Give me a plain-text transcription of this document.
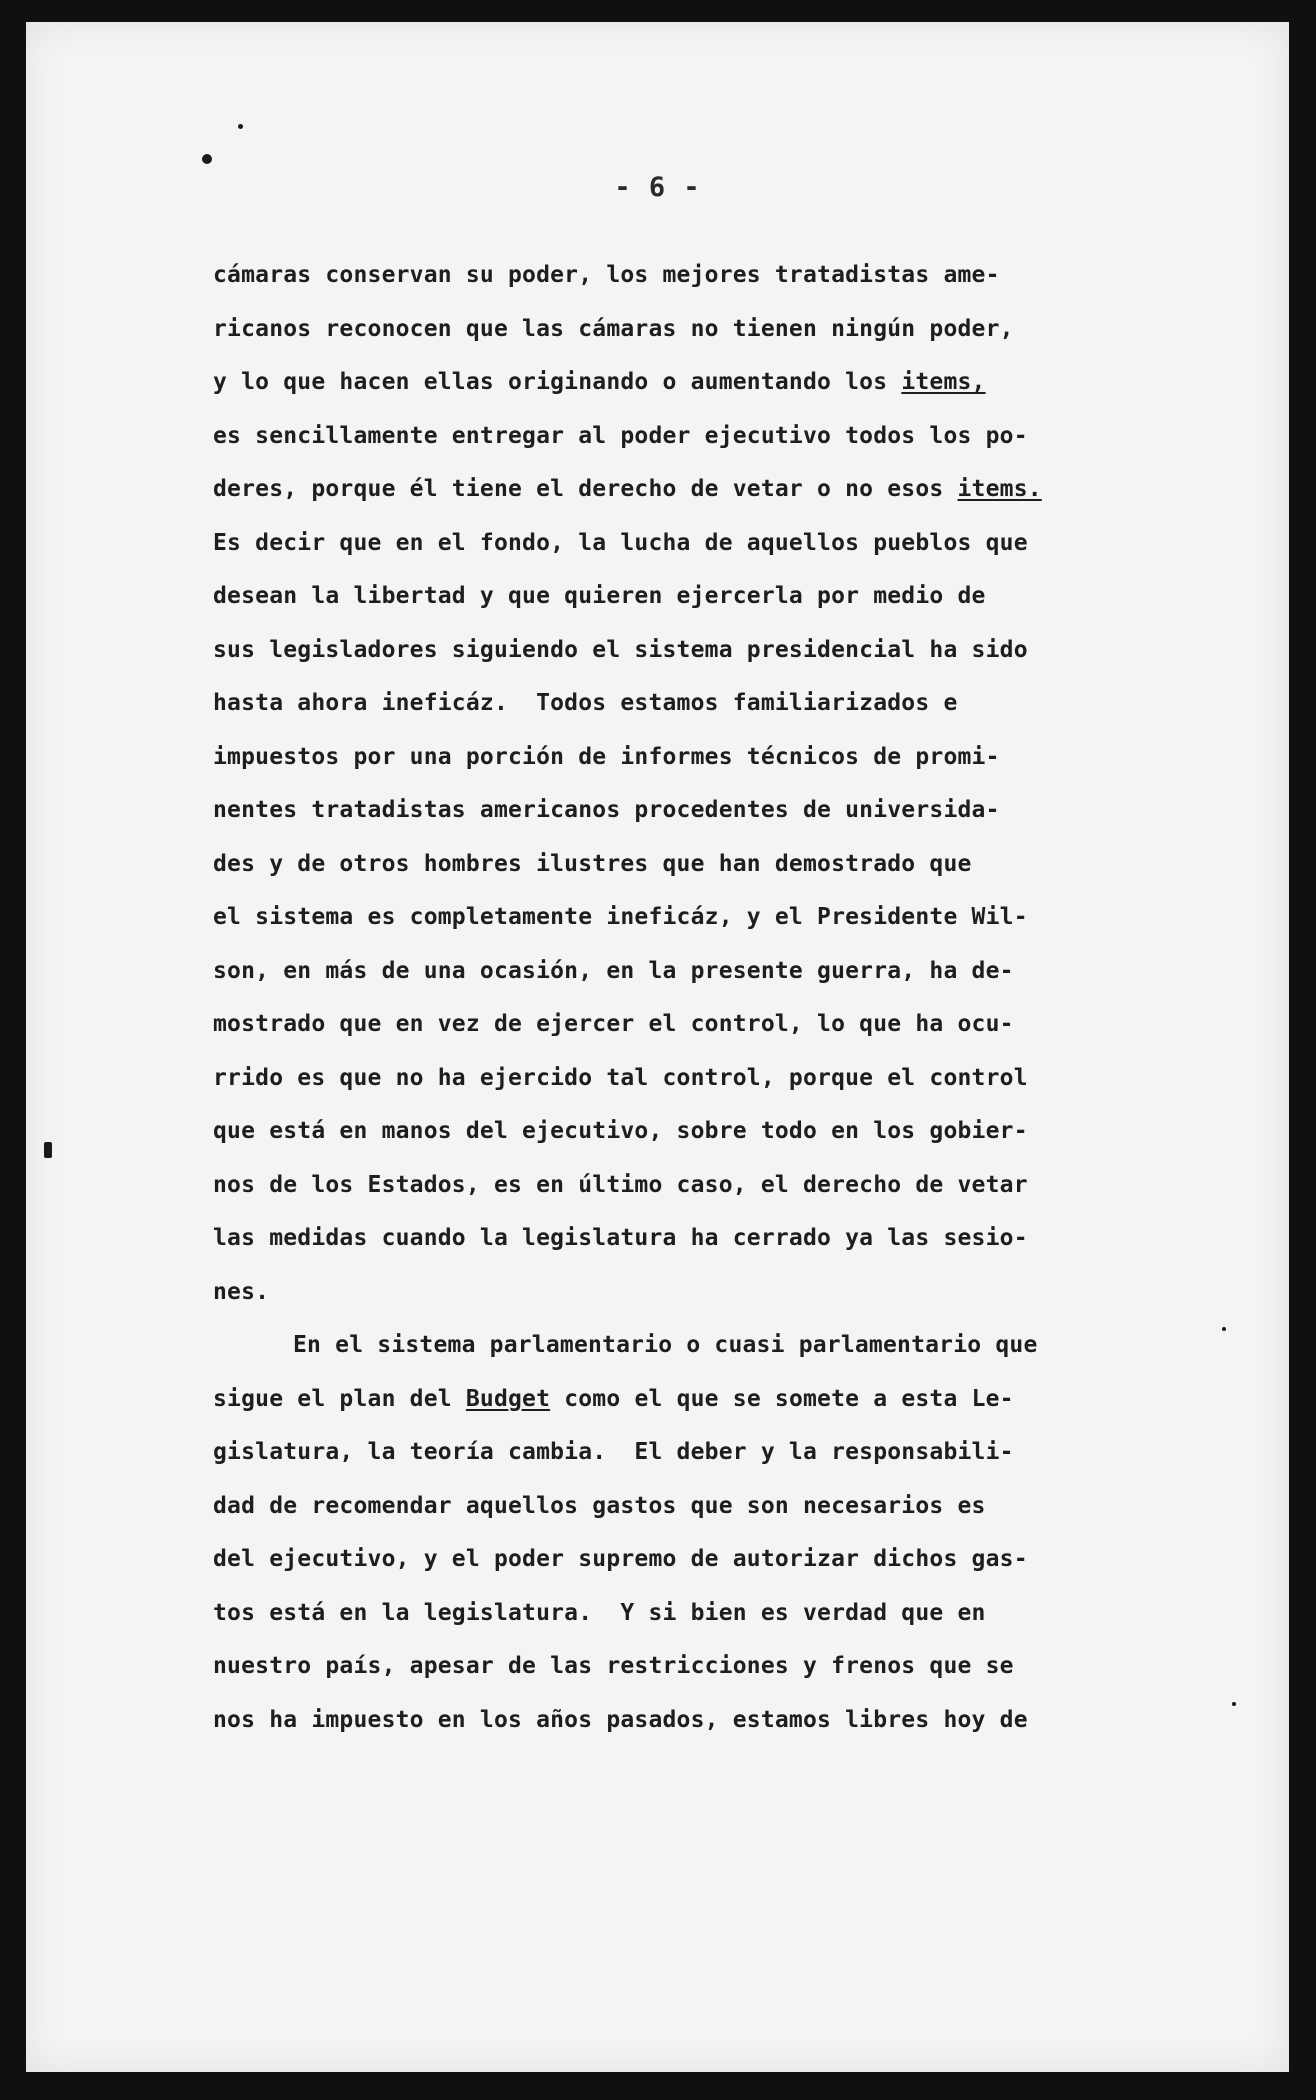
- 6 -
cámaras conservan su poder, los mejores tratadistas ame-
ricanos reconocen que las cámaras no tienen ningún poder,
y lo que hacen ellas originando o aumentando los items,
es sencillamente entregar al poder ejecutivo todos los po-
deres, porque él tiene el derecho de vetar o no esos items.
Es decir que en el fondo, la lucha de aquellos pueblos que
desean la libertad y que quieren ejercerla por medio de
sus legisladores siguiendo el sistema presidencial ha sido
hasta ahora ineficáz.  Todos estamos familiarizados e
impuestos por una porción de informes técnicos de promi-
nentes tratadistas americanos procedentes de universida-
des y de otros hombres ilustres que han demostrado que
el sistema es completamente ineficáz, y el Presidente Wil-
son, en más de una ocasión, en la presente guerra, ha de-
mostrado que en vez de ejercer el control, lo que ha ocu-
rrido es que no ha ejercido tal control, porque el control
que está en manos del ejecutivo, sobre todo en los gobier-
nos de los Estados, es en último caso, el derecho de vetar
las medidas cuando la legislatura ha cerrado ya las sesio-
nes.
En el sistema parlamentario o cuasi parlamentario que
sigue el plan del Budget como el que se somete a esta Le-
gislatura, la teoría cambia.  El deber y la responsabili-
dad de recomendar aquellos gastos que son necesarios es
del ejecutivo, y el poder supremo de autorizar dichos gas-
tos está en la legislatura.  Y si bien es verdad que en
nuestro país, apesar de las restricciones y frenos que se
nos ha impuesto en los años pasados, estamos libres hoy de
